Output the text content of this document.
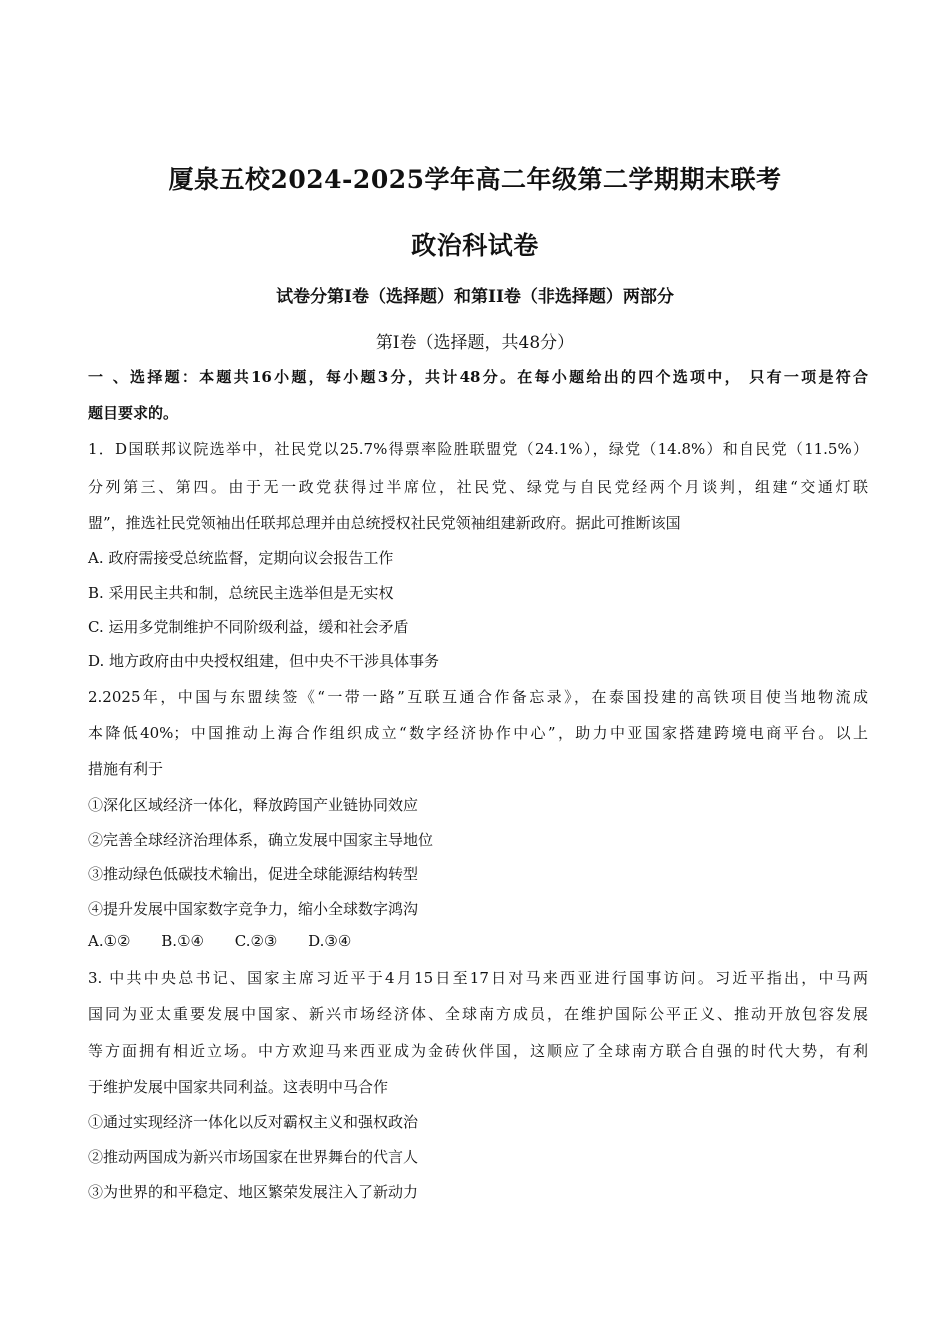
厦泉五校2024-2025学年高二年级第二学期期末联考
政治科试卷
试卷分第I卷（选择题）和第II卷（非选择题）两部分
第I卷（选择题，共48分）
一 、选择题：本题共16小题，每小题3分，共计48分。在每小题给出的四个选项中， 只有一项是符合
题目要求的。
1．D国联邦议院选举中，社民党以25.7%得票率险胜联盟党（24.1%），绿党（14.8%）和自民党（11.5%）
分列第三、第四。由于无一政党获得过半席位，社民党、绿党与自民党经两个月谈判，组建“交通灯联
盟”，推选社民党领袖出任联邦总理并由总统授权社民党领袖组建新政府。据此可推断该国
A. 政府需接受总统监督，定期向议会报告工作
B. 采用民主共和制，总统民主选举但是无实权
C. 运用多党制维护不同阶级利益，缓和社会矛盾
D. 地方政府由中央授权组建，但中央不干涉具体事务
2.2025年，中国与东盟续签《“一带一路”互联互通合作备忘录》，在泰国投建的高铁项目使当地物流成
本降低40%；中国推动上海合作组织成立“数字经济协作中心”，助力中亚国家搭建跨境电商平台。以上
措施有利于
①深化区域经济一体化，释放跨国产业链协同效应
②完善全球经济治理体系，确立发展中国家主导地位
③推动绿色低碳技术输出，促进全球能源结构转型
④提升发展中国家数字竞争力，缩小全球数字鸿沟
A.①② B.①④ C.②③ D.③④
3. 中共中央总书记、国家主席习近平于4月15日至17日对马来西亚进行国事访问。习近平指出，中马两
国同为亚太重要发展中国家、新兴市场经济体、全球南方成员，在维护国际公平正义、推动开放包容发展
等方面拥有相近立场。中方欢迎马来西亚成为金砖伙伴国，这顺应了全球南方联合自强的时代大势，有利
于维护发展中国家共同利益。这表明中马合作
①通过实现经济一体化以反对霸权主义和强权政治
②推动两国成为新兴市场国家在世界舞台的代言人
③为世界的和平稳定、地区繁荣发展注入了新动力
